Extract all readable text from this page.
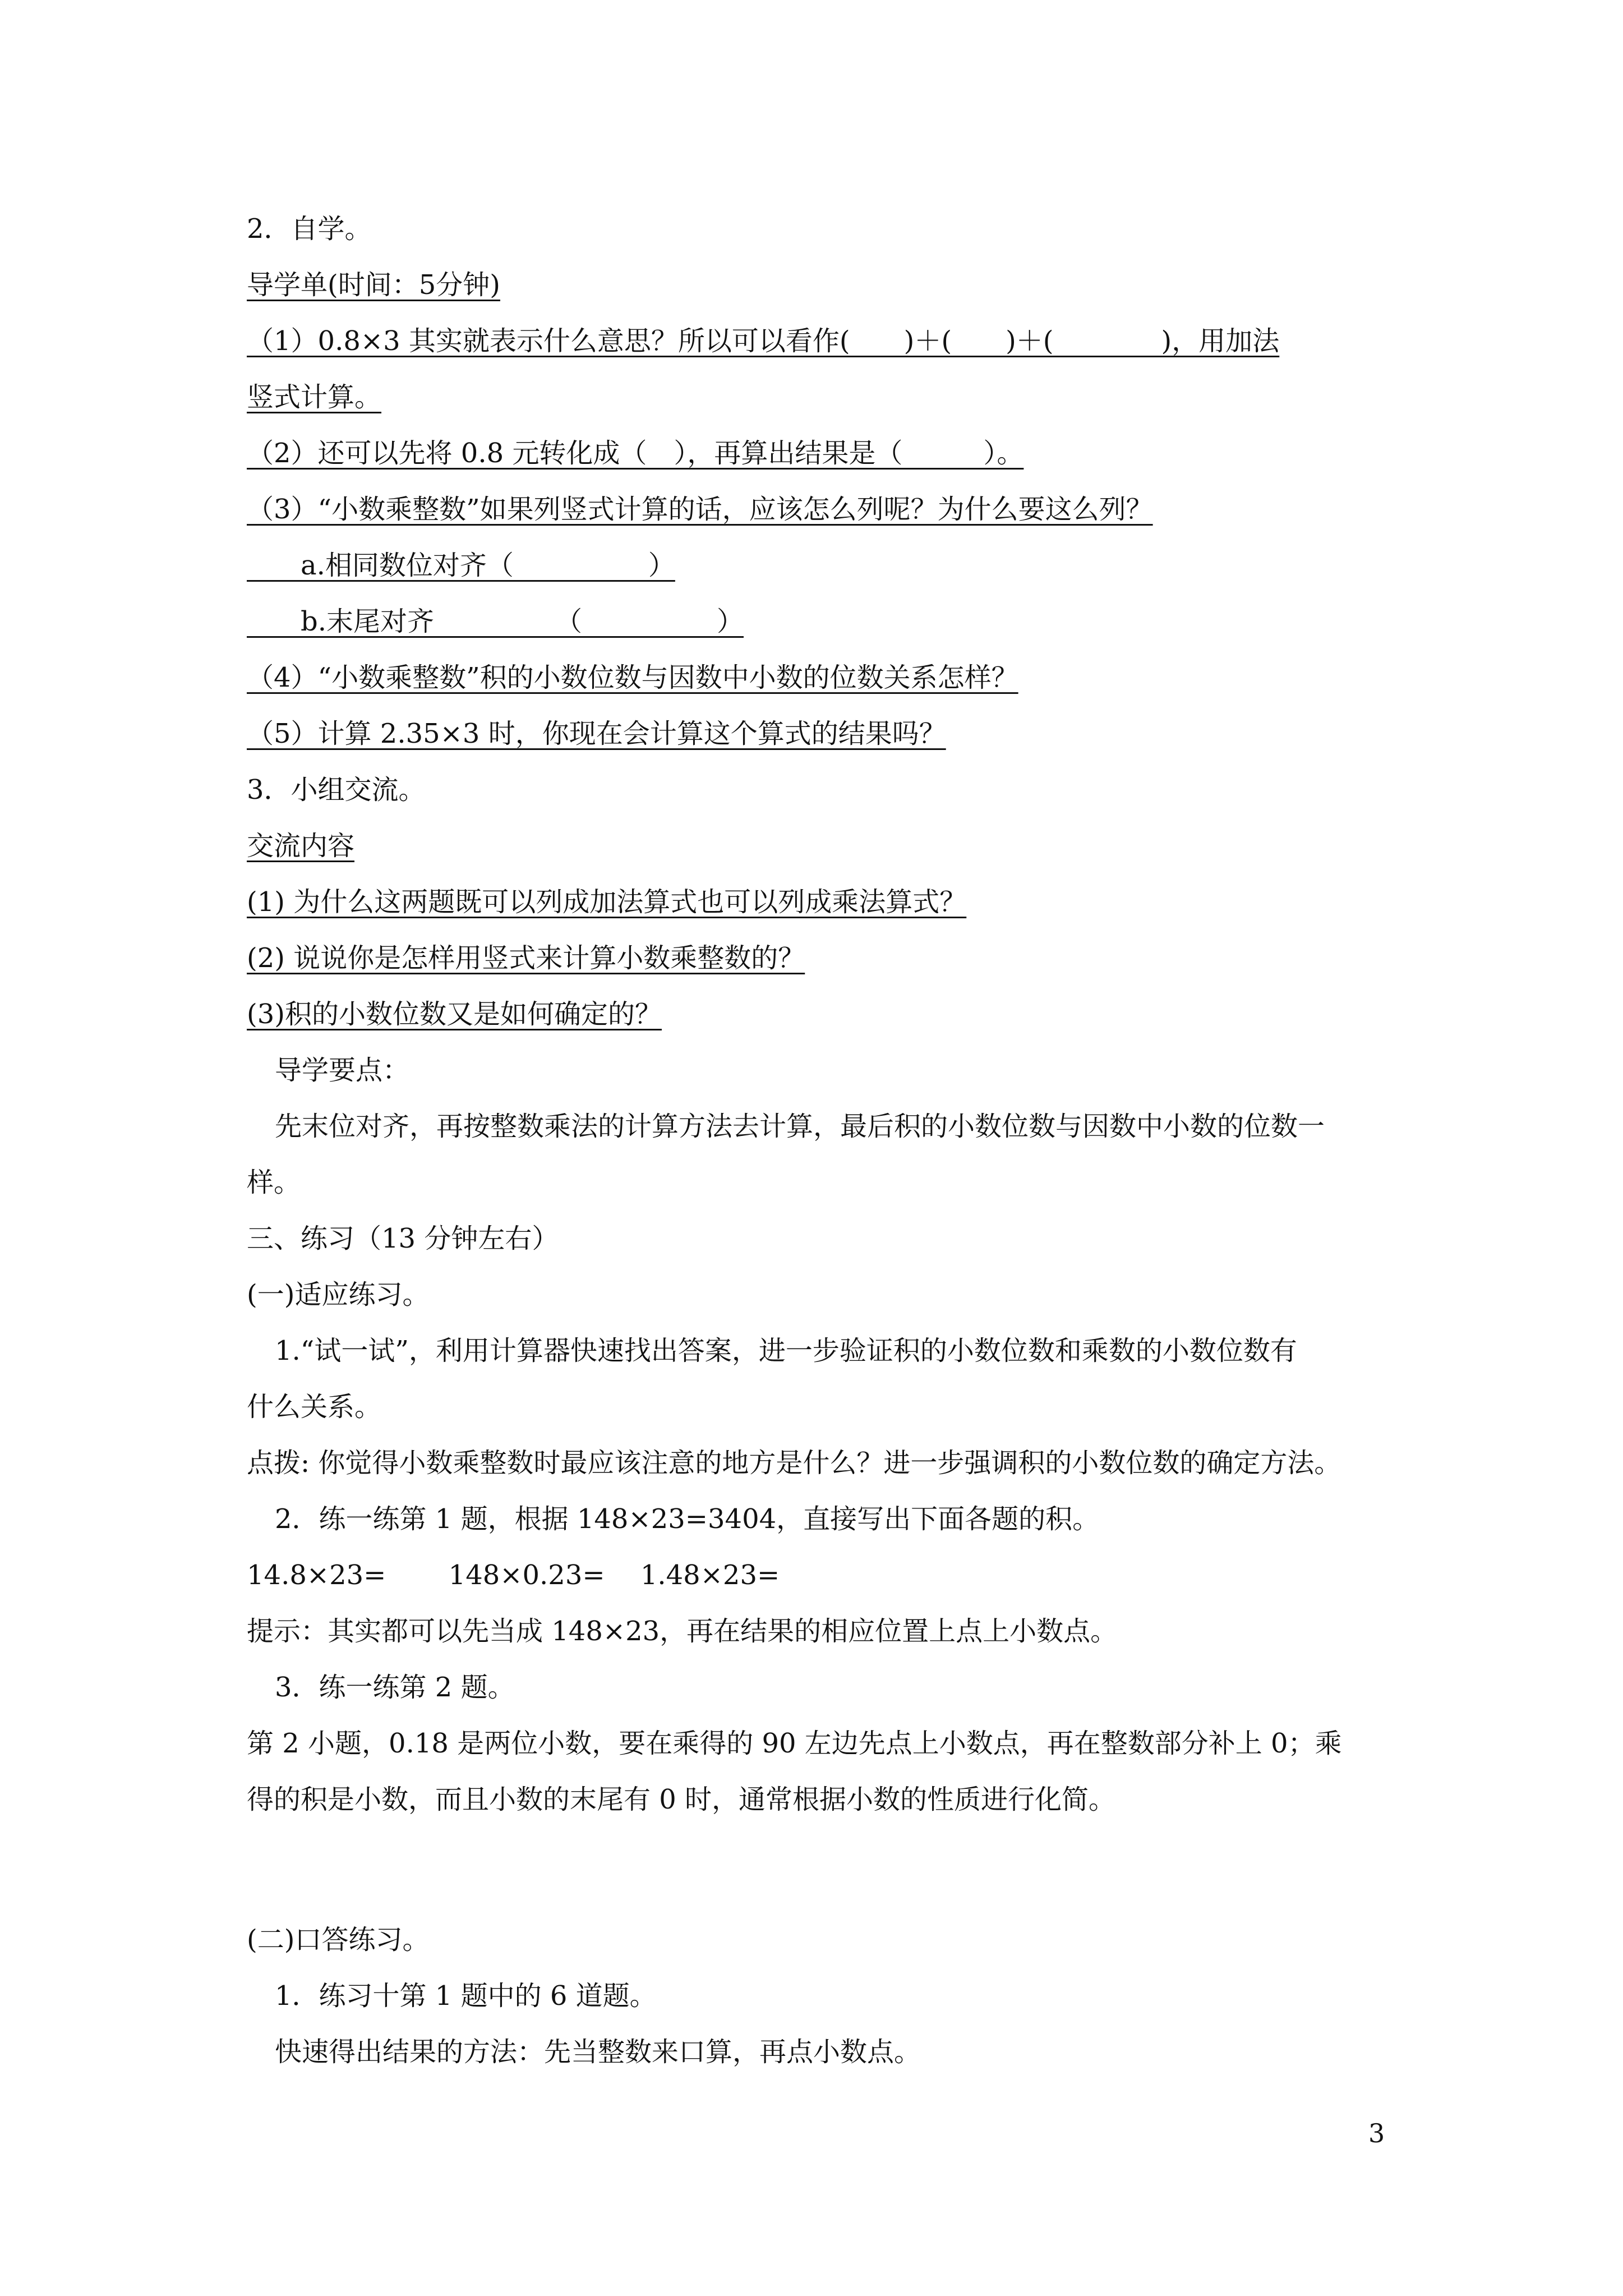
2．自学。
导学单(时间：5分钟)
（1）0.8×3 其实就表示什么意思？所以可以看作(　　)＋(　　)＋(　　　　)，用加法
竖式计算。
（2）还可以先将 0.8 元转化成（　），再算出结果是（　　　）。
（3）“小数乘整数”如果列竖式计算的话，应该怎么列呢？为什么要这么列？
　　a.相同数位对齐（　　　　　）
　　b.末尾对齐　　　　　（　　　　　）
（4）“小数乘整数”积的小数位数与因数中小数的位数关系怎样？
（5）计算 2.35×3 时，你现在会计算这个算式的结果吗？
3．小组交流。
交流内容
(1) 为什么这两题既可以列成加法算式也可以列成乘法算式？
(2) 说说你是怎样用竖式来计算小数乘整数的？
(3)积的小数位数又是如何确定的？
导学要点：
先末位对齐，再按整数乘法的计算方法去计算，最后积的小数位数与因数中小数的位数一
样。
三、练习（13 分钟左右）
(一)适应练习。
1.“试一试”，利用计算器快速找出答案，进一步验证积的小数位数和乘数的小数位数有
什么关系。
点拨: 你觉得小数乘整数时最应该注意的地方是什么？进一步强调积的小数位数的确定方法。
2．练一练第 1 题，根据 148×23=3404，直接写出下面各题的积。
14.8×23=　　 148×0.23=　 1.48×23=
提示：其实都可以先当成 148×23，再在结果的相应位置上点上小数点。
3．练一练第 2 题。
第 2 小题，0.18 是两位小数，要在乘得的 90 左边先点上小数点，再在整数部分补上 0；乘
得的积是小数，而且小数的末尾有 0 时，通常根据小数的性质进行化简。
(二)口答练习。
1．练习十第 1 题中的 6 道题。
快速得出结果的方法：先当整数来口算，再点小数点。
3
